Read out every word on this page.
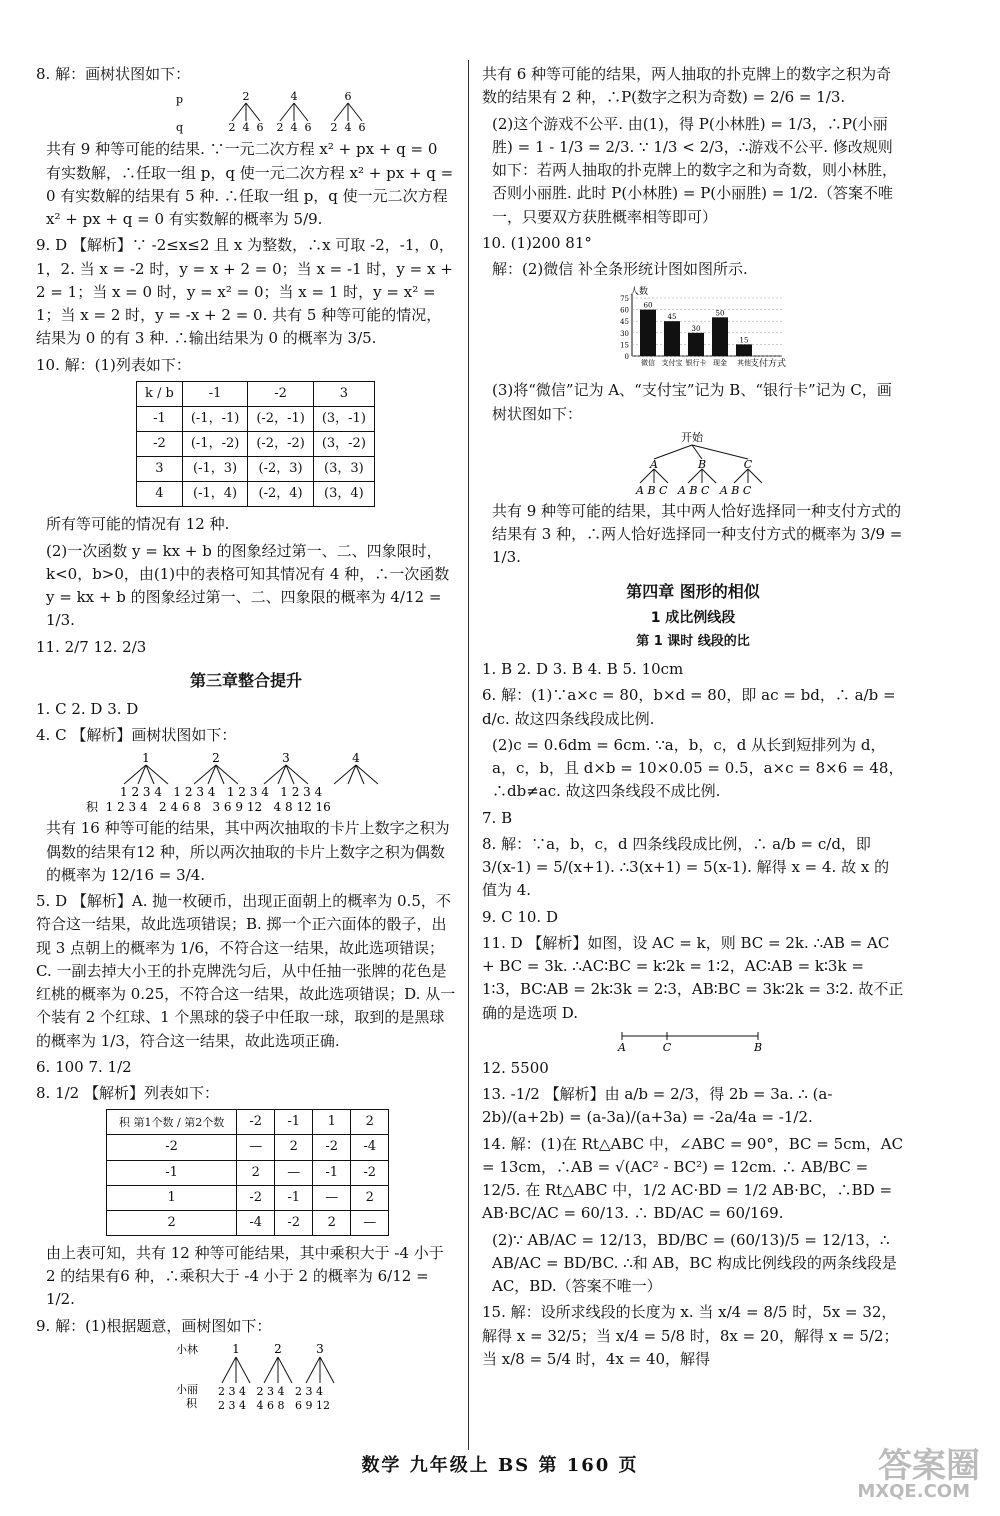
8. 解：画树状图如下：
p
q
2	4	6
2 4 6 2 4 6 2 4 6
共有 9 种等可能的结果. ∵一元二次方程 x² + px + q = 0 有实数解，∴任取一组 p，q 使一元二次方程 x² + px + q = 0 有实数解的结果有 5 种. ∴任取一组 p，q 使一元二次方程 x² + px + q = 0 有实数解的概率为 5/9.
9. D 【解析】∵ -2≤x≤2 且 x 为整数，∴x 可取 -2，-1，0，1，2. 当 x = -2 时，y = x + 2 = 0；当 x = -1 时，y = x + 2 = 1；当 x = 0 时，y = x² = 0；当 x = 1 时，y = x² = 1；当 x = 2 时，y = -x + 2 = 0. 共有 5 种等可能的情况，结果为 0 的有 3 种. ∴输出结果为 0 的概率为 3/5.
10. 解：(1)列表如下：
k / b	-1	-2	3
-1	(-1，-1)	(-2，-1)	(3，-1)
-2	(-1，-2)	(-2，-2)	(3，-2)
3	(-1，3)	(-2，3)	(3，3)
4	(-1，4)	(-2，4)	(3，4)
所有等可能的情况有 12 种.
(2)一次函数 y = kx + b 的图象经过第一、二、四象限时，k<0，b>0，由(1)中的表格可知其情况有 4 种，∴一次函数 y = kx + b 的图象经过第一、二、四象限的概率为 4/12 = 1/3.
11. 2/7 12. 2/3
第三章整合提升
1. C 2. D 3. D
4. C 【解析】画树状图如下：
1	2	3	4
1 2 3 4   1 2 3 4   1 2 3 4   1 2 3 4
积  1 2 3 4   2 4 6 8   3 6 9 12   4 8 12 16
共有 16 种等可能的结果，其中两次抽取的卡片上数字之积为偶数的结果有12 种，所以两次抽取的卡片上数字之积为偶数的概率为 12/16 = 3/4.
5. D 【解析】A. 抛一枚硬币，出现正面朝上的概率为 0.5，不符合这一结果，故此选项错误；B. 掷一个正六面体的骰子，出现 3 点朝上的概率为 1/6，不符合这一结果，故此选项错误；C. 一副去掉大小王的扑克牌洗匀后，从中任抽一张牌的花色是红桃的概率为 0.25，不符合这一结果，故此选项错误；D. 从一个装有 2 个红球、1 个黑球的袋子中任取一球，取到的是黑球的概率为 1/3，符合这一结果，故此选项正确.
6. 100 7. 1/2
8. 1/2 【解析】列表如下：
积 第1个数 / 第2个数	-2	-1	1	2
-2	—	2	-2	-4
-1	2	—	-1	-2
1	-2	-1	—	2
2	-4	-2	2	—
由上表可知，共有 12 种等可能结果，其中乘积大于 -4 小于 2 的结果有6 种，∴乘积大于 -4 小于 2 的概率为 6/12 = 1/2.
9. 解：(1)根据题意，画树图如下：
小林
小丽
积
1	2	3
2 3 4   2 3 4   2 3 4
2 3 4   4 6 8   6 9 12
共有 6 种等可能的结果，两人抽取的扑克牌上的数字之积为奇数的结果有 2 种，∴P(数字之积为奇数) = 2/6 = 1/3.
(2)这个游戏不公平. 由(1)，得 P(小林胜) = 1/3，∴P(小丽胜) = 1 - 1/3 = 2/3. ∵ 1/3 < 2/3，∴游戏不公平. 修改规则如下：若两人抽取的扑克牌上的数字之和为奇数，则小林胜，否则小丽胜. 此时 P(小林胜) = P(小丽胜) = 1/2.（答案不唯一，只要双方获胜概率相等即可）
10. (1)200 81°
解：(2)微信 补全条形统计图如图所示.
人数
支付方式
0
15
30
45
60
75
60
微信
45
支付宝
30
银行卡
50
现金
15
其他
(3)将“微信”记为 A、“支付宝”记为 B、“银行卡”记为 C，画树状图如下：
开始
A	B	C
A B C   A B C   A B C
共有 9 种等可能的结果，其中两人恰好选择同一种支付方式的结果有 3 种，∴两人恰好选择同一种支付方式的概率为 3/9 = 1/3.
第四章 图形的相似
1 成比例线段
第 1 课时 线段的比
1. B 2. D 3. B 4. B 5. 10cm
6. 解：(1)∵a×c = 80，b×d = 80，即 ac = bd，∴ a/b = d/c. 故这四条线段成比例.
(2)c = 0.6dm = 6cm. ∵a，b，c，d 从长到短排列为 d，a，c，b，且 d×b = 10×0.05 = 0.5，a×c = 8×6 = 48，∴db≠ac. 故这四条线段不成比例.
7. B
8. 解：∵a，b，c，d 四条线段成比例，∴ a/b = c/d，即 3/(x-1) = 5/(x+1). ∴3(x+1) = 5(x-1). 解得 x = 4. 故 x 的值为 4.
9. C 10. D
11. D 【解析】如图，设 AC = k，则 BC = 2k. ∴AB = AC + BC = 3k. ∴AC∶BC = k∶2k = 1∶2，AC∶AB = k∶3k = 1∶3，BC∶AB = 2k∶3k = 2∶3，AB∶BC = 3k∶2k = 3∶2. 故不正确的是选项 D.
A	C	B
12. 5500
13. -1/2 【解析】由 a/b = 2/3，得 2b = 3a. ∴ (a-2b)/(a+2b) = (a-3a)/(a+3a) = -2a/4a = -1/2.
14. 解：(1)在 Rt△ABC 中，∠ABC = 90°，BC = 5cm，AC = 13cm，∴AB = √(AC² - BC²) = 12cm. ∴ AB/BC = 12/5. 在 Rt△ABC 中，1/2 AC·BD = 1/2 AB·BC，∴BD = AB·BC/AC = 60/13. ∴ BD/AC = 60/169.
(2)∵ AB/AC = 12/13，BD/BC = (60/13)/5 = 12/13，∴ AB/AC = BD/BC. ∴和 AB，BC 构成比例线段的两条线段是 AC，BD.（答案不唯一）
15. 解：设所求线段的长度为 x. 当 x/4 = 8/5 时，5x = 32，解得 x = 32/5；当 x/4 = 5/8 时，8x = 20，解得 x = 5/2；当 x/8 = 5/4 时，4x = 40，解得
数学 九年级上 BS 第 160 页	答案圈
MXQE.COM
